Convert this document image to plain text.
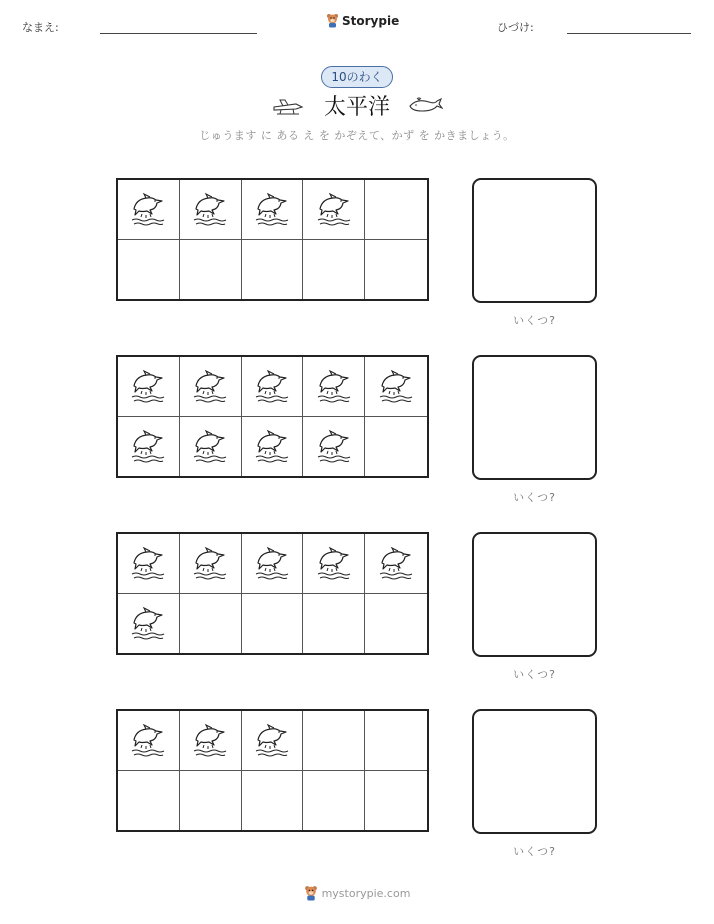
なまえ:	Storypie	ひづけ:
10のわく
太平洋
じゅうます に ある え を かぞえて、かず を かきましょう。
いくつ?
いくつ?
いくつ?
いくつ?
mystorypie.com
